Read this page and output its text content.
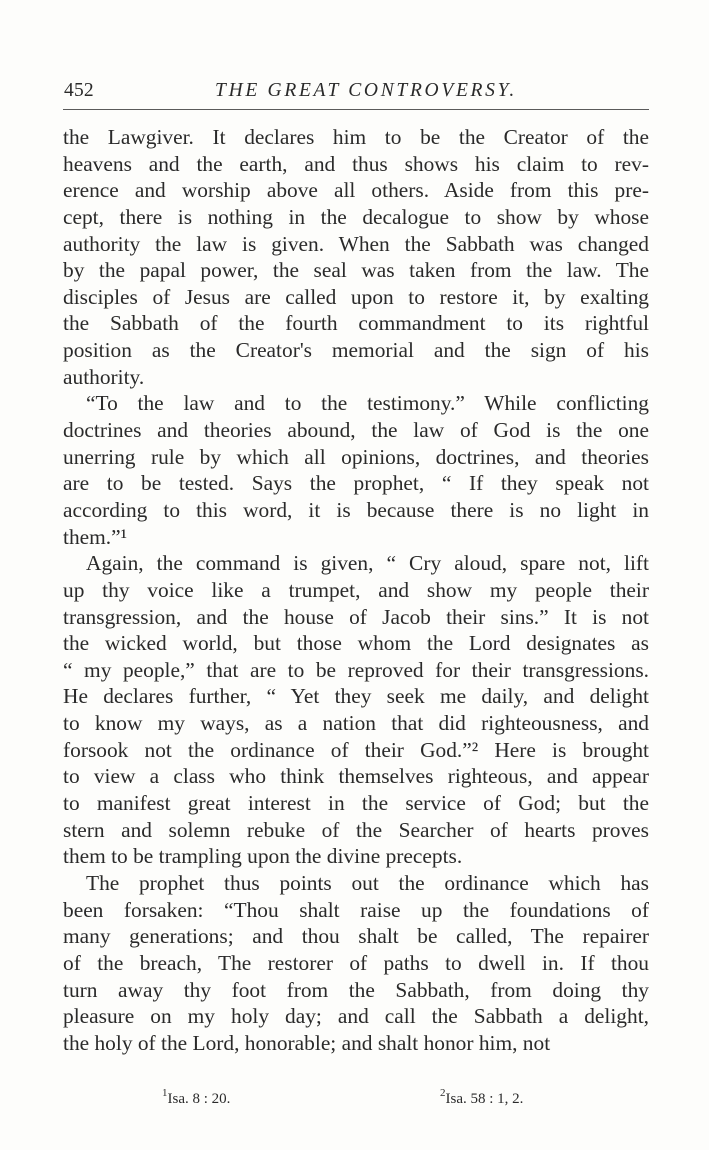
452	THE GREAT CONTROVERSY.
the Lawgiver. It declares him to be the Creator of the
heavens and the earth, and thus shows his claim to rev-
erence and worship above all others. Aside from this pre-
cept, there is nothing in the decalogue to show by whose
authority the law is given. When the Sabbath was changed
by the papal power, the seal was taken from the law. The
disciples of Jesus are called upon to restore it, by exalting
the Sabbath of the fourth commandment to its rightful
position as the Creator's memorial and the sign of his
authority.
“To the law and to the testimony.” While conflicting
doctrines and theories abound, the law of God is the one
unerring rule by which all opinions, doctrines, and theories
are to be tested. Says the prophet, “ If they speak not
according to this word, it is because there is no light in
them.”¹
Again, the command is given, “ Cry aloud, spare not, lift
up thy voice like a trumpet, and show my people their
transgression, and the house of Jacob their sins.” It is not
the wicked world, but those whom the Lord designates as
“ my people,” that are to be reproved for their transgressions.
He declares further, “ Yet they seek me daily, and delight
to know my ways, as a nation that did righteousness, and
forsook not the ordinance of their God.”² Here is brought
to view a class who think themselves righteous, and appear
to manifest great interest in the service of God; but the
stern and solemn rebuke of the Searcher of hearts proves
them to be trampling upon the divine precepts.
The prophet thus points out the ordinance which has
been forsaken: “Thou shalt raise up the foundations of
many generations; and thou shalt be called, The repairer
of the breach, The restorer of paths to dwell in. If thou
turn away thy foot from the Sabbath, from doing thy
pleasure on my holy day; and call the Sabbath a delight,
the holy of the Lord, honorable; and shalt honor him, not
$^1$Isa. 8 : 20.	$^2$Isa. 58 : 1, 2.
